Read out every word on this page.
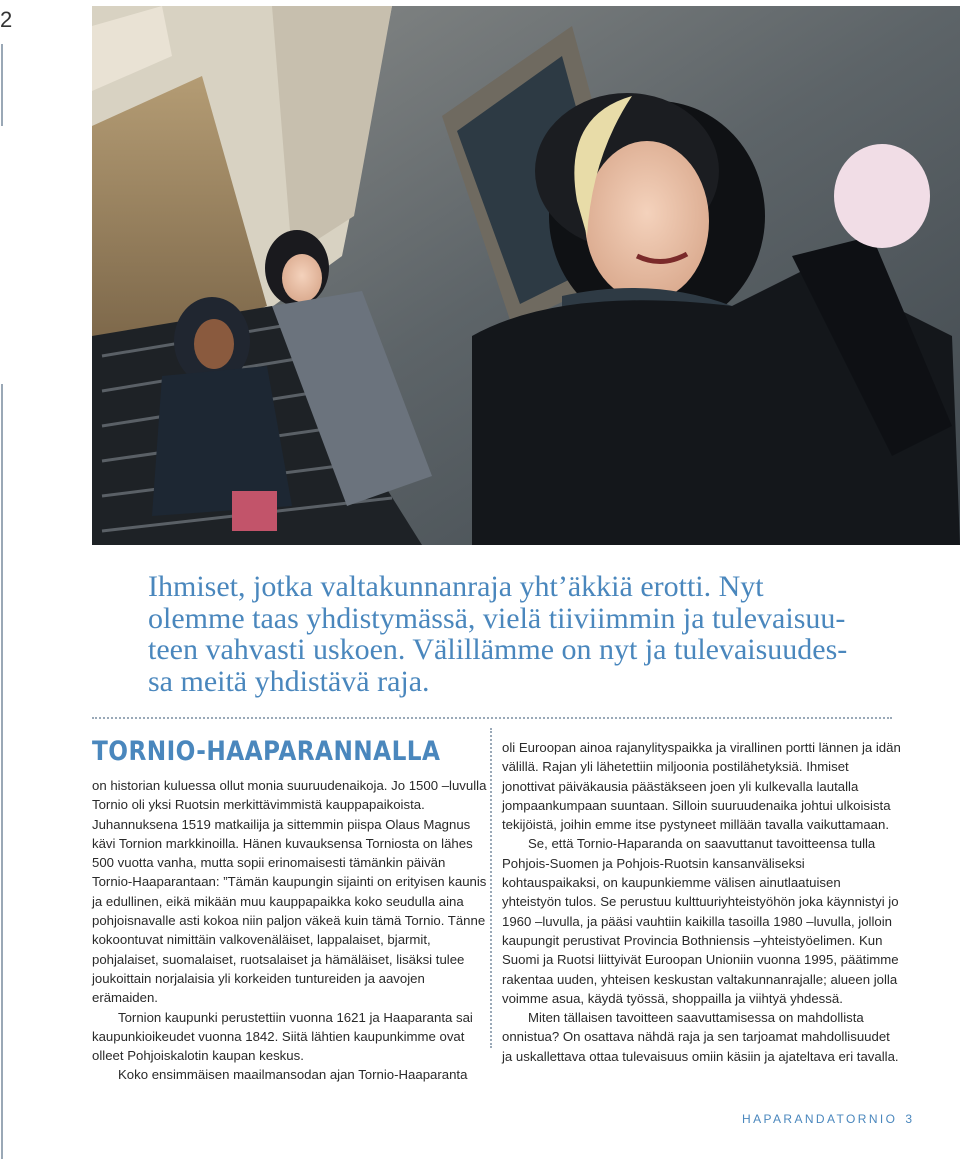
2

Ihmiset, jotka valtakunnanraja yht’äkkiä erotti. Nyt

olemme taas yhdistymässä, vielä tiiviimmin ja tulevaisuu-

teen vahvasti uskoen. Välillämme on nyt ja tulevaisuudes-

sa meitä yhdistävä raja.

TORNIO-HAAPARANNALLA

on historian kuluessa ollut monia suuruudenaikoja. Jo 1500 –luvulla Tornio oli yksi Ruotsin merkittävimmistä kauppapaikoista. Juhannuksena 1519 matkailija ja sittemmin piispa Olaus Magnus kävi Tornion markkinoilla. Hänen kuvauksensa Torniosta on lähes 500 vuotta vanha, mutta sopii erinomaisesti tämänkin päivän Tornio-Haaparantaan: ”Tämän kaupungin sijainti on erityisen kaunis ja edullinen, eikä mikään muu kauppapaikka koko seudulla aina pohjoisnavalle asti kokoa niin paljon väkeä kuin tämä Tornio. Tänne kokoontuvat nimittäin valkovenäläiset, lappalaiset, bjarmit, pohjalaiset, suomalaiset, ruotsalaiset ja hämäläiset, lisäksi tulee joukoittain norjalaisia yli korkeiden tuntureiden ja aavojen erämaiden.

Tornion kaupunki perustettiin vuonna 1621 ja Haaparanta sai kaupunkioikeudet vuonna 1842. Siitä lähtien kaupunkimme ovat olleet Pohjoiskalotin kaupan keskus.

Koko ensimmäisen maailmansodan ajan Tornio-Haaparanta

oli Euroopan ainoa rajanylityspaikka ja virallinen portti lännen ja idän välillä. Rajan yli lähetettiin miljoonia postilähetyksiä. Ihmiset jonottivat päiväkausia päästäkseen joen yli kulkevalla lautalla jompaankumpaan suuntaan. Silloin suuruudenaika johtui ulkoisista tekijöistä, joihin emme itse pystyneet millään tavalla vaikuttamaan.

Se, että Tornio-Haparanda on saavuttanut tavoitteensa tulla Pohjois-Suomen ja Pohjois-Ruotsin kansanväliseksi kohtauspaikaksi, on kaupunkiemme välisen ainutlaatuisen yhteistyön tulos. Se perustuu kulttuuriyhteistyöhön joka käynnistyi jo 1960 –luvulla, ja pääsi vauhtiin kaikilla tasoilla 1980 –luvulla, jolloin kaupungit perustivat Provincia Bothniensis –yhteistyöelimen. Kun Suomi ja Ruotsi liittyivät Euroopan Unioniin vuonna 1995, päätimme rakentaa uuden, yhteisen keskustan valtakunnanrajalle; alueen jolla voimme asua, käydä työssä, shoppailla ja viihtyä yhdessä.

Miten tällaisen tavoitteen saavuttamisessa on mahdollista onnistua? On osattava nähdä raja ja sen tarjoamat mahdollisuudet ja uskallettava ottaa tulevaisuus omiin käsiin ja ajateltava eri tavalla.

HAPARANDATORNIO 3
